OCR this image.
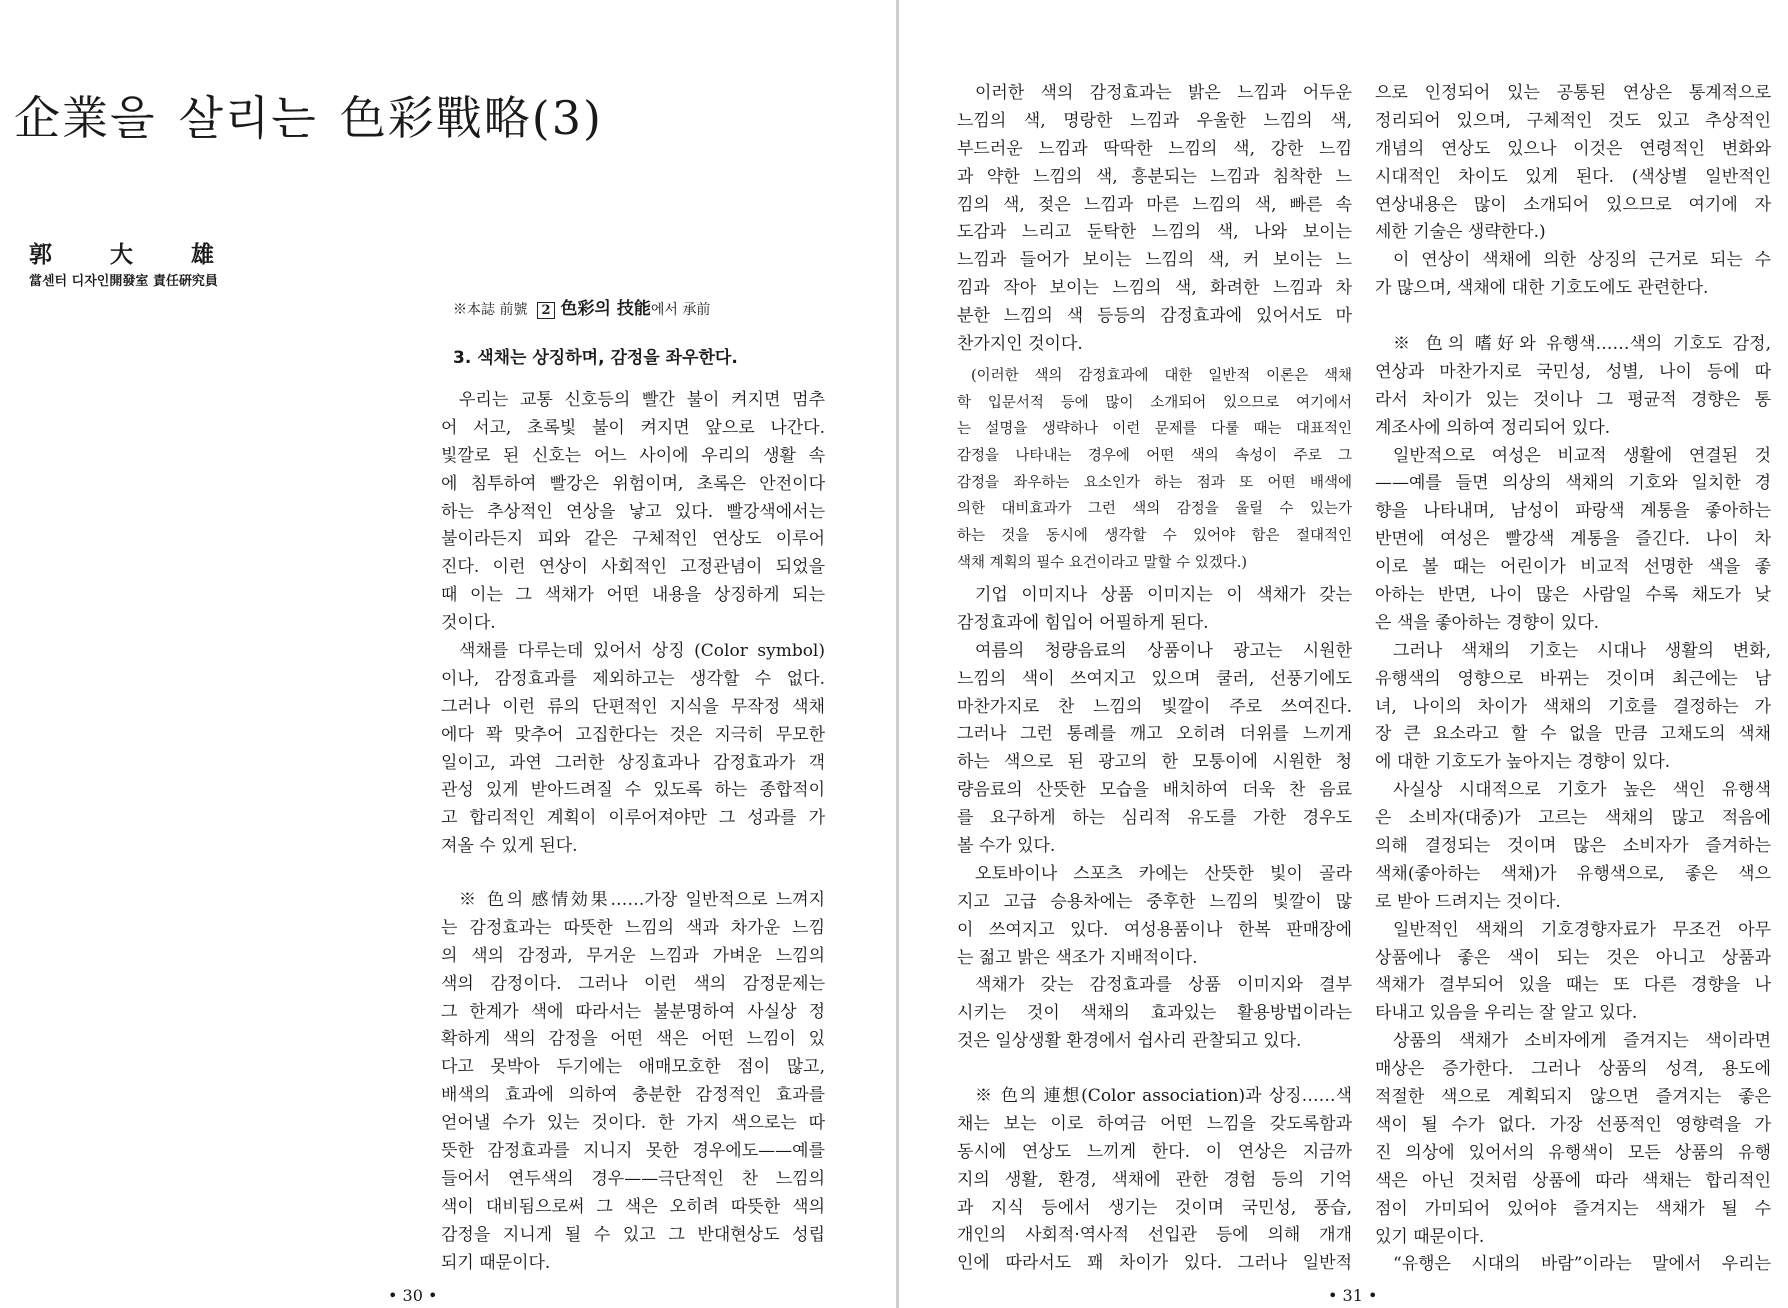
企業을 살리는 色彩戰略(3)
郭大雄
當센터 디자인開發室 責任硏究員
※本誌 前號 2 色彩의 技能에서 承前
3. 색채는 상징하며, 감정을 좌우한다.
우리는 교통 신호등의 빨간 불이 켜지면 멈추
어 서고, 초록빛 불이 켜지면 앞으로 나간다.
빛깔로 된 신호는 어느 사이에 우리의 생활 속
에 침투하여 빨강은 위험이며, 초록은 안전이다
하는 추상적인 연상을 낳고 있다. 빨강색에서는
불이라든지 피와 같은 구체적인 연상도 이루어
진다. 이런 연상이 사회적인 고정관념이 되었을
때 이는 그 색채가 어떤 내용을 상징하게 되는
것이다.
색채를 다루는데 있어서 상징 (Color symbol)
이나, 감정효과를 제외하고는 생각할 수 없다.
그러나 이런 류의 단편적인 지식을 무작정 색채
에다 꽉 맞추어 고집한다는 것은 지극히 무모한
일이고, 과연 그러한 상징효과나 감정효과가 객
관성 있게 받아드려질 수 있도록 하는 종합적이
고 합리적인 계획이 이루어져야만 그 성과를 가
져올 수 있게 된다.
※ 色의 感情効果……가장 일반적으로 느껴지
는 감정효과는 따뜻한 느낌의 색과 차가운 느낌
의 색의 감정과, 무거운 느낌과 가벼운 느낌의
색의 감정이다. 그러나 이런 색의 감정문제는
그 한계가 색에 따라서는 불분명하여 사실상 정
확하게 색의 감정을 어떤 색은 어떤 느낌이 있
다고 못박아 두기에는 애매모호한 점이 많고,
배색의 효과에 의하여 충분한 감정적인 효과를
얻어낼 수가 있는 것이다. 한 가지 색으로는 따
뜻한 감정효과를 지니지 못한 경우에도——예를
들어서 연두색의 경우——극단적인 찬 느낌의
색이 대비됨으로써 그 색은 오히려 따뜻한 색의
감정을 지니게 될 수 있고 그 반대현상도 성립
되기 때문이다.
이러한 색의 감정효과는 밝은 느낌과 어두운
느낌의 색, 명랑한 느낌과 우울한 느낌의 색,
부드러운 느낌과 딱딱한 느낌의 색, 강한 느낌
과 약한 느낌의 색, 흥분되는 느낌과 침착한 느
낌의 색, 젖은 느낌과 마른 느낌의 색, 빠른 속
도감과 느리고 둔탁한 느낌의 색, 나와 보이는
느낌과 들어가 보이는 느낌의 색, 커 보이는 느
낌과 작아 보이는 느낌의 색, 화려한 느낌과 차
분한 느낌의 색 등등의 감정효과에 있어서도 마
찬가지인 것이다.
(이러한 색의 감정효과에 대한 일반적 이론은 색채
학 입문서적 등에 많이 소개되어 있으므로 여기에서
는 설명을 생략하나 이런 문제를 다룰 때는 대표적인
감정을 나타내는 경우에 어떤 색의 속성이 주로 그
감정을 좌우하는 요소인가 하는 점과 또 어떤 배색에
의한 대비효과가 그런 색의 감정을 울릴 수 있는가
하는 것을 동시에 생각할 수 있어야 함은 절대적인
색채 계획의 필수 요건이라고 말할 수 있겠다.)
기업 이미지나 상품 이미지는 이 색채가 갖는
감정효과에 힘입어 어필하게 된다.
여름의 청량음료의 상품이나 광고는 시원한
느낌의 색이 쓰여지고 있으며 쿨러, 선풍기에도
마찬가지로 찬 느낌의 빛깔이 주로 쓰여진다.
그러나 그런 통례를 깨고 오히려 더위를 느끼게
하는 색으로 된 광고의 한 모퉁이에 시원한 청
량음료의 산뜻한 모습을 배치하여 더욱 찬 음료
를 요구하게 하는 심리적 유도를 가한 경우도
볼 수가 있다.
오토바이나 스포츠 카에는 산뜻한 빛이 골라
지고 고급 승용차에는 중후한 느낌의 빛깔이 많
이 쓰여지고 있다. 여성용품이나 한복 판매장에
는 젊고 밝은 색조가 지배적이다.
색채가 갖는 감정효과를 상품 이미지와 결부
시키는 것이 색채의 효과있는 활용방법이라는
것은 일상생활 환경에서 쉽사리 관찰되고 있다.
※ 色의 連想(Color association)과 상징……색
채는 보는 이로 하여금 어떤 느낌을 갖도록함과
동시에 연상도 느끼게 한다. 이 연상은 지금까
지의 생활, 환경, 색채에 관한 경험 등의 기억
과 지식 등에서 생기는 것이며 국민성, 풍습,
개인의 사회적·역사적 선입관 등에 의해 개개
인에 따라서도 꽤 차이가 있다. 그러나 일반적
으로 인정되어 있는 공통된 연상은 통계적으로
정리되어 있으며, 구체적인 것도 있고 추상적인
개념의 연상도 있으나 이것은 연령적인 변화와
시대적인 차이도 있게 된다. (색상별 일반적인
연상내용은 많이 소개되어 있으므로 여기에 자
세한 기술은 생략한다.)
이 연상이 색채에 의한 상징의 근거로 되는 수
가 많으며, 색채에 대한 기호도에도 관련한다.
※ 色의 嗜好와 유행색……색의 기호도 감정,
연상과 마찬가지로 국민성, 성별, 나이 등에 따
라서 차이가 있는 것이나 그 평균적 경향은 통
계조사에 의하여 정리되어 있다.
일반적으로 여성은 비교적 생활에 연결된 것
——예를 들면 의상의 색채의 기호와 일치한 경
향을 나타내며, 남성이 파랑색 계통을 좋아하는
반면에 여성은 빨강색 계통을 즐긴다. 나이 차
이로 볼 때는 어린이가 비교적 선명한 색을 좋
아하는 반면, 나이 많은 사람일 수록 채도가 낮
은 색을 좋아하는 경향이 있다.
그러나 색채의 기호는 시대나 생활의 변화,
유행색의 영향으로 바뀌는 것이며 최근에는 남
녀, 나이의 차이가 색채의 기호를 결정하는 가
장 큰 요소라고 할 수 없을 만큼 고채도의 색채
에 대한 기호도가 높아지는 경향이 있다.
사실상 시대적으로 기호가 높은 색인 유행색
은 소비자(대중)가 고르는 색채의 많고 적음에
의해 결정되는 것이며 많은 소비자가 즐겨하는
색채(좋아하는 색채)가 유행색으로, 좋은 색으
로 받아 드려지는 것이다.
일반적인 색채의 기호경향자료가 무조건 아무
상품에나 좋은 색이 되는 것은 아니고 상품과
색채가 결부되어 있을 때는 또 다른 경향을 나
타내고 있음을 우리는 잘 알고 있다.
상품의 색채가 소비자에게 즐겨지는 색이라면
매상은 증가한다. 그러나 상품의 성격, 용도에
적절한 색으로 계획되지 않으면 즐겨지는 좋은
색이 될 수가 없다. 가장 선풍적인 영향력을 가
진 의상에 있어서의 유행색이 모든 상품의 유행
색은 아닌 것처럼 상품에 따라 색채는 합리적인
점이 가미되어 있어야 즐겨지는 색채가 될 수
있기 때문이다.
“유행은 시대의 바람”이라는 말에서 우리는
• 30 •	• 31 •
